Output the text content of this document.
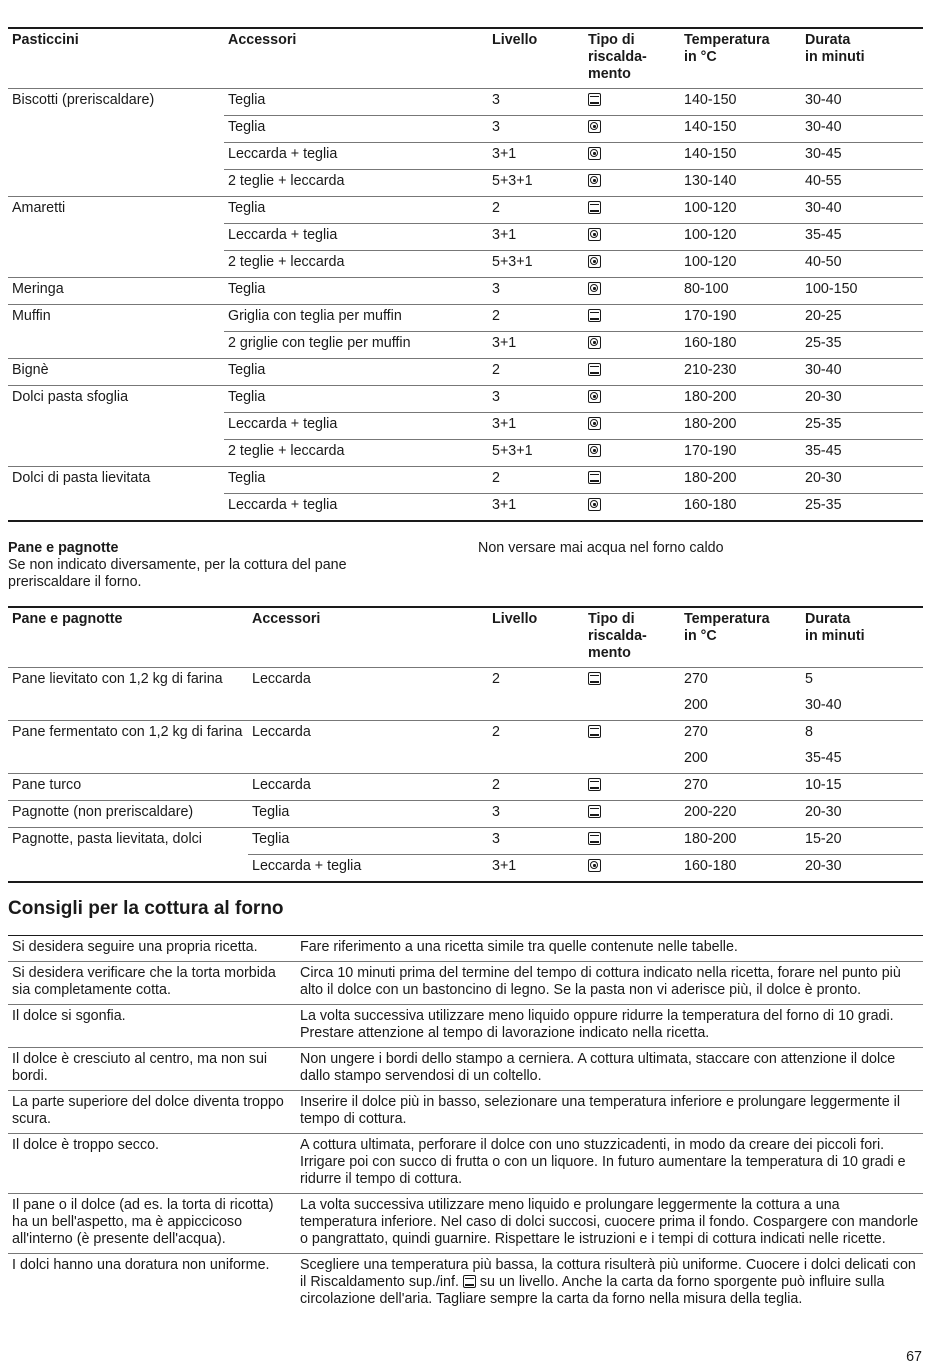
Pasticcini	Accessori	Livello	Tipo di
riscalda-
mento	Temperatura
in °C	Durata
in minuti
Biscotti (preriscaldare)	Teglia	3		140-150	30-40
	Teglia	3		140-150	30-40
	Leccarda + teglia	3+1		140-150	30-45
	2 teglie + leccarda	5+3+1		130-140	40-55
Amaretti	Teglia	2		100-120	30-40
	Leccarda + teglia	3+1		100-120	35-45
	2 teglie + leccarda	5+3+1		100-120	40-50
Meringa	Teglia	3		80-100	100-150
Muffin	Griglia con teglia per muffin	2		170-190	20-25
	2 griglie con teglie per muffin	3+1		160-180	25-35
Bignè	Teglia	2		210-230	30-40
Dolci pasta sfoglia	Teglia	3		180-200	20-30
	Leccarda + teglia	3+1		180-200	25-35
	2 teglie + leccarda	5+3+1		170-190	35-45
Dolci di pasta lievitata	Teglia	2		180-200	20-30
	Leccarda + teglia	3+1		160-180	25-35
Pane e pagnotte
Se non indicato diversamente, per la cottura del pane preriscaldare il forno.
Non versare mai acqua nel forno caldo
Pane e pagnotte	Accessori	Livello	Tipo di
riscalda-
mento	Temperatura
in °C	Durata
in minuti
Pane lievitato con 1,2 kg di farina	Leccarda	2		270	5
				200	30-40
Pane fermentato con 1,2 kg di farina	Leccarda	2		270	8
				200	35-45
Pane turco	Leccarda	2		270	10-15
Pagnotte (non preriscaldare)	Teglia	3		200-220	20-30
Pagnotte, pasta lievitata, dolci	Teglia	3		180-200	15-20
	Leccarda + teglia	3+1		160-180	20-30
Consigli per la cottura al forno
Si desidera seguire una propria ricetta.	Fare riferimento a una ricetta simile tra quelle contenute nelle tabelle.
Si desidera verificare che la torta morbida sia completamente cotta.	Circa 10 minuti prima del termine del tempo di cottura indicato nella ricetta, forare nel punto più alto il dolce con un bastoncino di legno. Se la pasta non vi aderisce più, il dolce è pronto.
Il dolce si sgonfia.	La volta successiva utilizzare meno liquido oppure ridurre la temperatura del forno di 10 gradi. Prestare attenzione al tempo di lavorazione indicato nella ricetta.
Il dolce è cresciuto al centro, ma non sui bordi.	Non ungere i bordi dello stampo a cerniera. A cottura ultimata, staccare con attenzione il dolce dallo stampo servendosi di un coltello.
La parte superiore del dolce diventa troppo scura.	Inserire il dolce più in basso, selezionare una temperatura inferiore e prolungare leggermente il tempo di cottura.
Il dolce è troppo secco.	A cottura ultimata, perforare il dolce con uno stuzzicadenti, in modo da creare dei piccoli fori. Irrigare poi con succo di frutta o con un liquore. In futuro aumentare la temperatura di 10 gradi e ridurre il tempo di cottura.
Il pane o il dolce (ad es. la torta di ricotta) ha un bell'aspetto, ma è appiccicoso all'interno (è presente dell'acqua).	La volta successiva utilizzare meno liquido e prolungare leggermente la cottura a una temperatura inferiore. Nel caso di dolci succosi, cuocere prima il fondo. Cospargere con mandorle o pangrattato, quindi guarnire. Rispettare le istruzioni e i tempi di cottura indicati nelle ricette.
I dolci hanno una doratura non uniforme.	Scegliere una temperatura più bassa, la cottura risulterà più uniforme. Cuocere i dolci delicati con il Riscaldamento sup./inf. su un livello. Anche la carta da forno sporgente può influire sulla circolazione dell'aria. Tagliare sempre la carta da forno nella misura della teglia.
67
